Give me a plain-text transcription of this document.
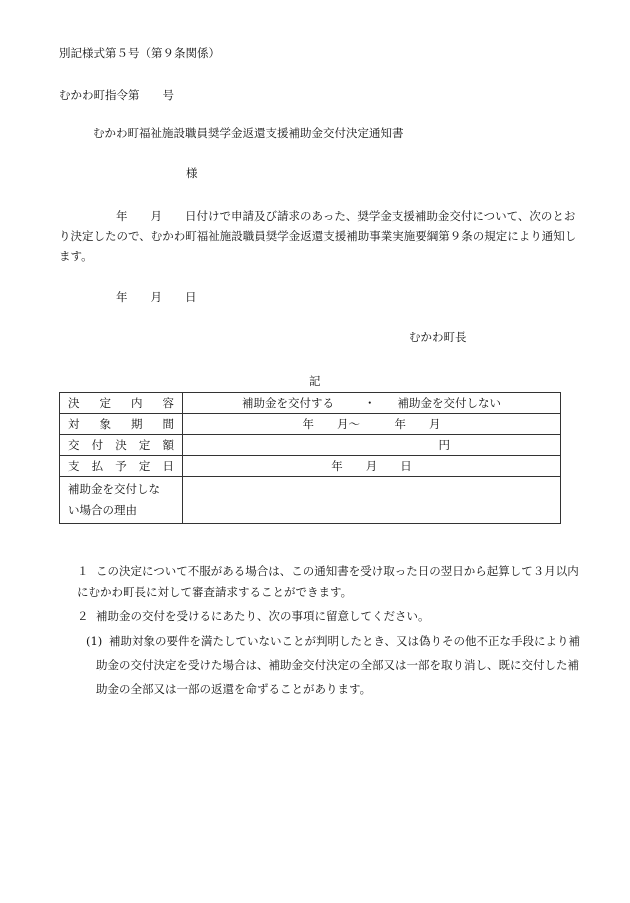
別記様式第５号（第９条関係）
むかわ町指令第　　号
むかわ町福祉施設職員奨学金返還支援補助金交付決定通知書
様
年　　月　　日付けで申請及び請求のあった、奨学金支援補助金交付について、次のとお
り決定したので、むかわ町福祉施設職員奨学金返還支援補助事業実施要綱第９条の規定により通知し
ます。
年　　月　　日
むかわ町長
記
決定内容	補助金を交付する ・ 補助金を交付しない
対象期間	年　　月〜　　　年　　月
交付決定額	円
支払予定日	年　　月　　日
補助金を交付しな
い場合の理由	
１ この決定について不服がある場合は、この通知書を受け取った日の翌日から起算して３月以内
にむかわ町長に対して審査請求することができます。
２ 補助金の交付を受けるにあたり、次の事項に留意してください。
(1) 補助対象の要件を満たしていないことが判明したとき、又は偽りその他不正な手段により補
助金の交付決定を受けた場合は、補助金交付決定の全部又は一部を取り消し、既に交付した補
助金の全部又は一部の返還を命ずることがあります。
